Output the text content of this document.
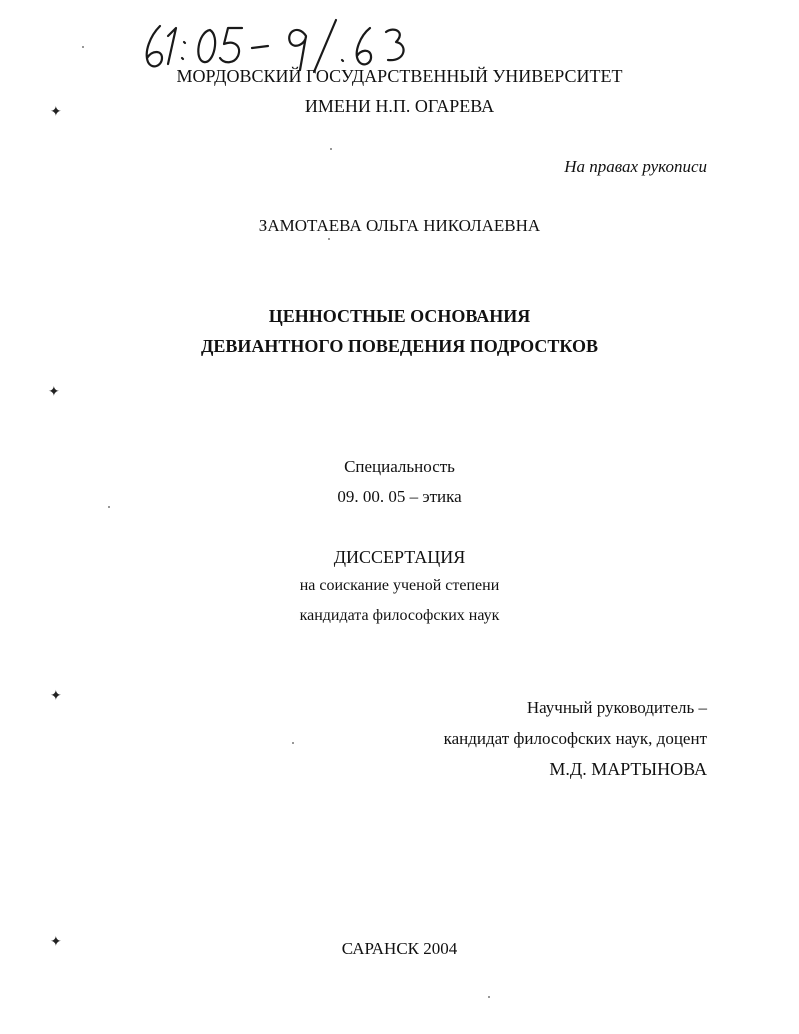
МОРДОВСКИЙ ГОСУДАРСТВЕННЫЙ УНИВЕРСИТЕТ
ИМЕНИ Н.П. ОГАРЕВА
На правах рукописи
ЗАМОТАЕВА ОЛЬГА НИКОЛАЕВНА
ЦЕННОСТНЫЕ ОСНОВАНИЯ
ДЕВИАНТНОГО ПОВЕДЕНИЯ ПОДРОСТКОВ
Специальность
09. 00. 05 – этика
ДИССЕРТАЦИЯ
на соискание ученой степени
кандидата философских наук
Научный руководитель –
кандидат философских наук, доцент
М.Д. МАРТЫНОВА
САРАНСК 2004
✦
✦
✦
✦
